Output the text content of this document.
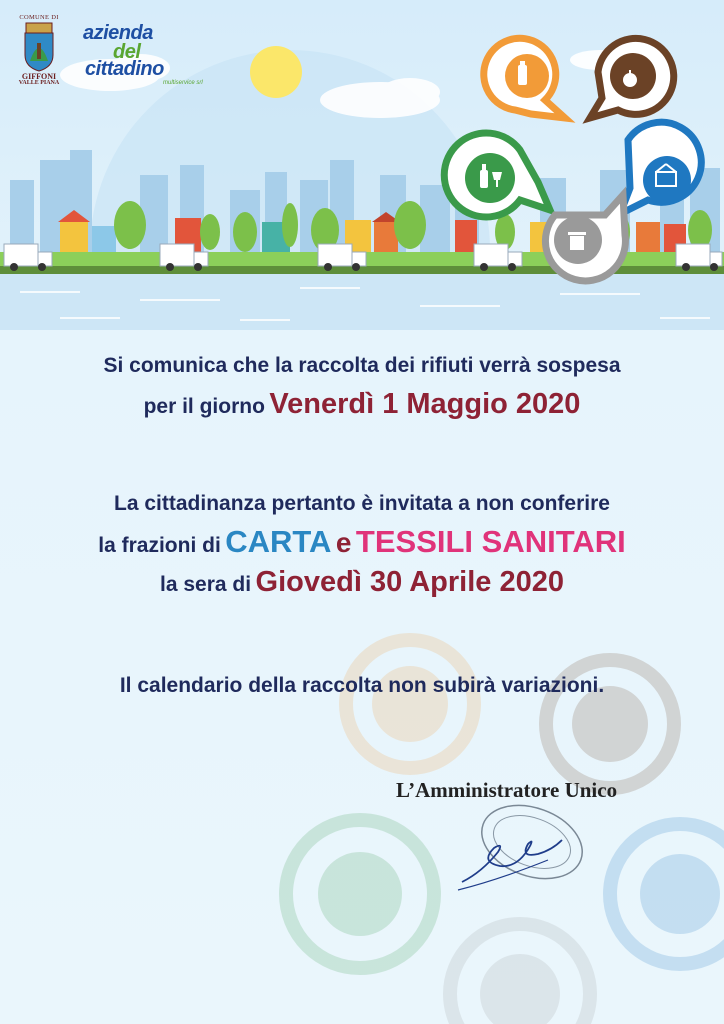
COMUNE DI
GIFFONI
VALLE PIANA
azienda
del
cittadino
multiservice srl
Si comunica che la raccolta dei rifiuti verrà sospesa
per il giorno Venerdì 1 Maggio 2020
La cittadinanza pertanto è invitata a non conferire
la frazioni di CARTA e TESSILI SANITARI
la sera di Giovedì 30 Aprile 2020
Il calendario della raccolta non subirà variazioni.
L’Amministratore Unico
